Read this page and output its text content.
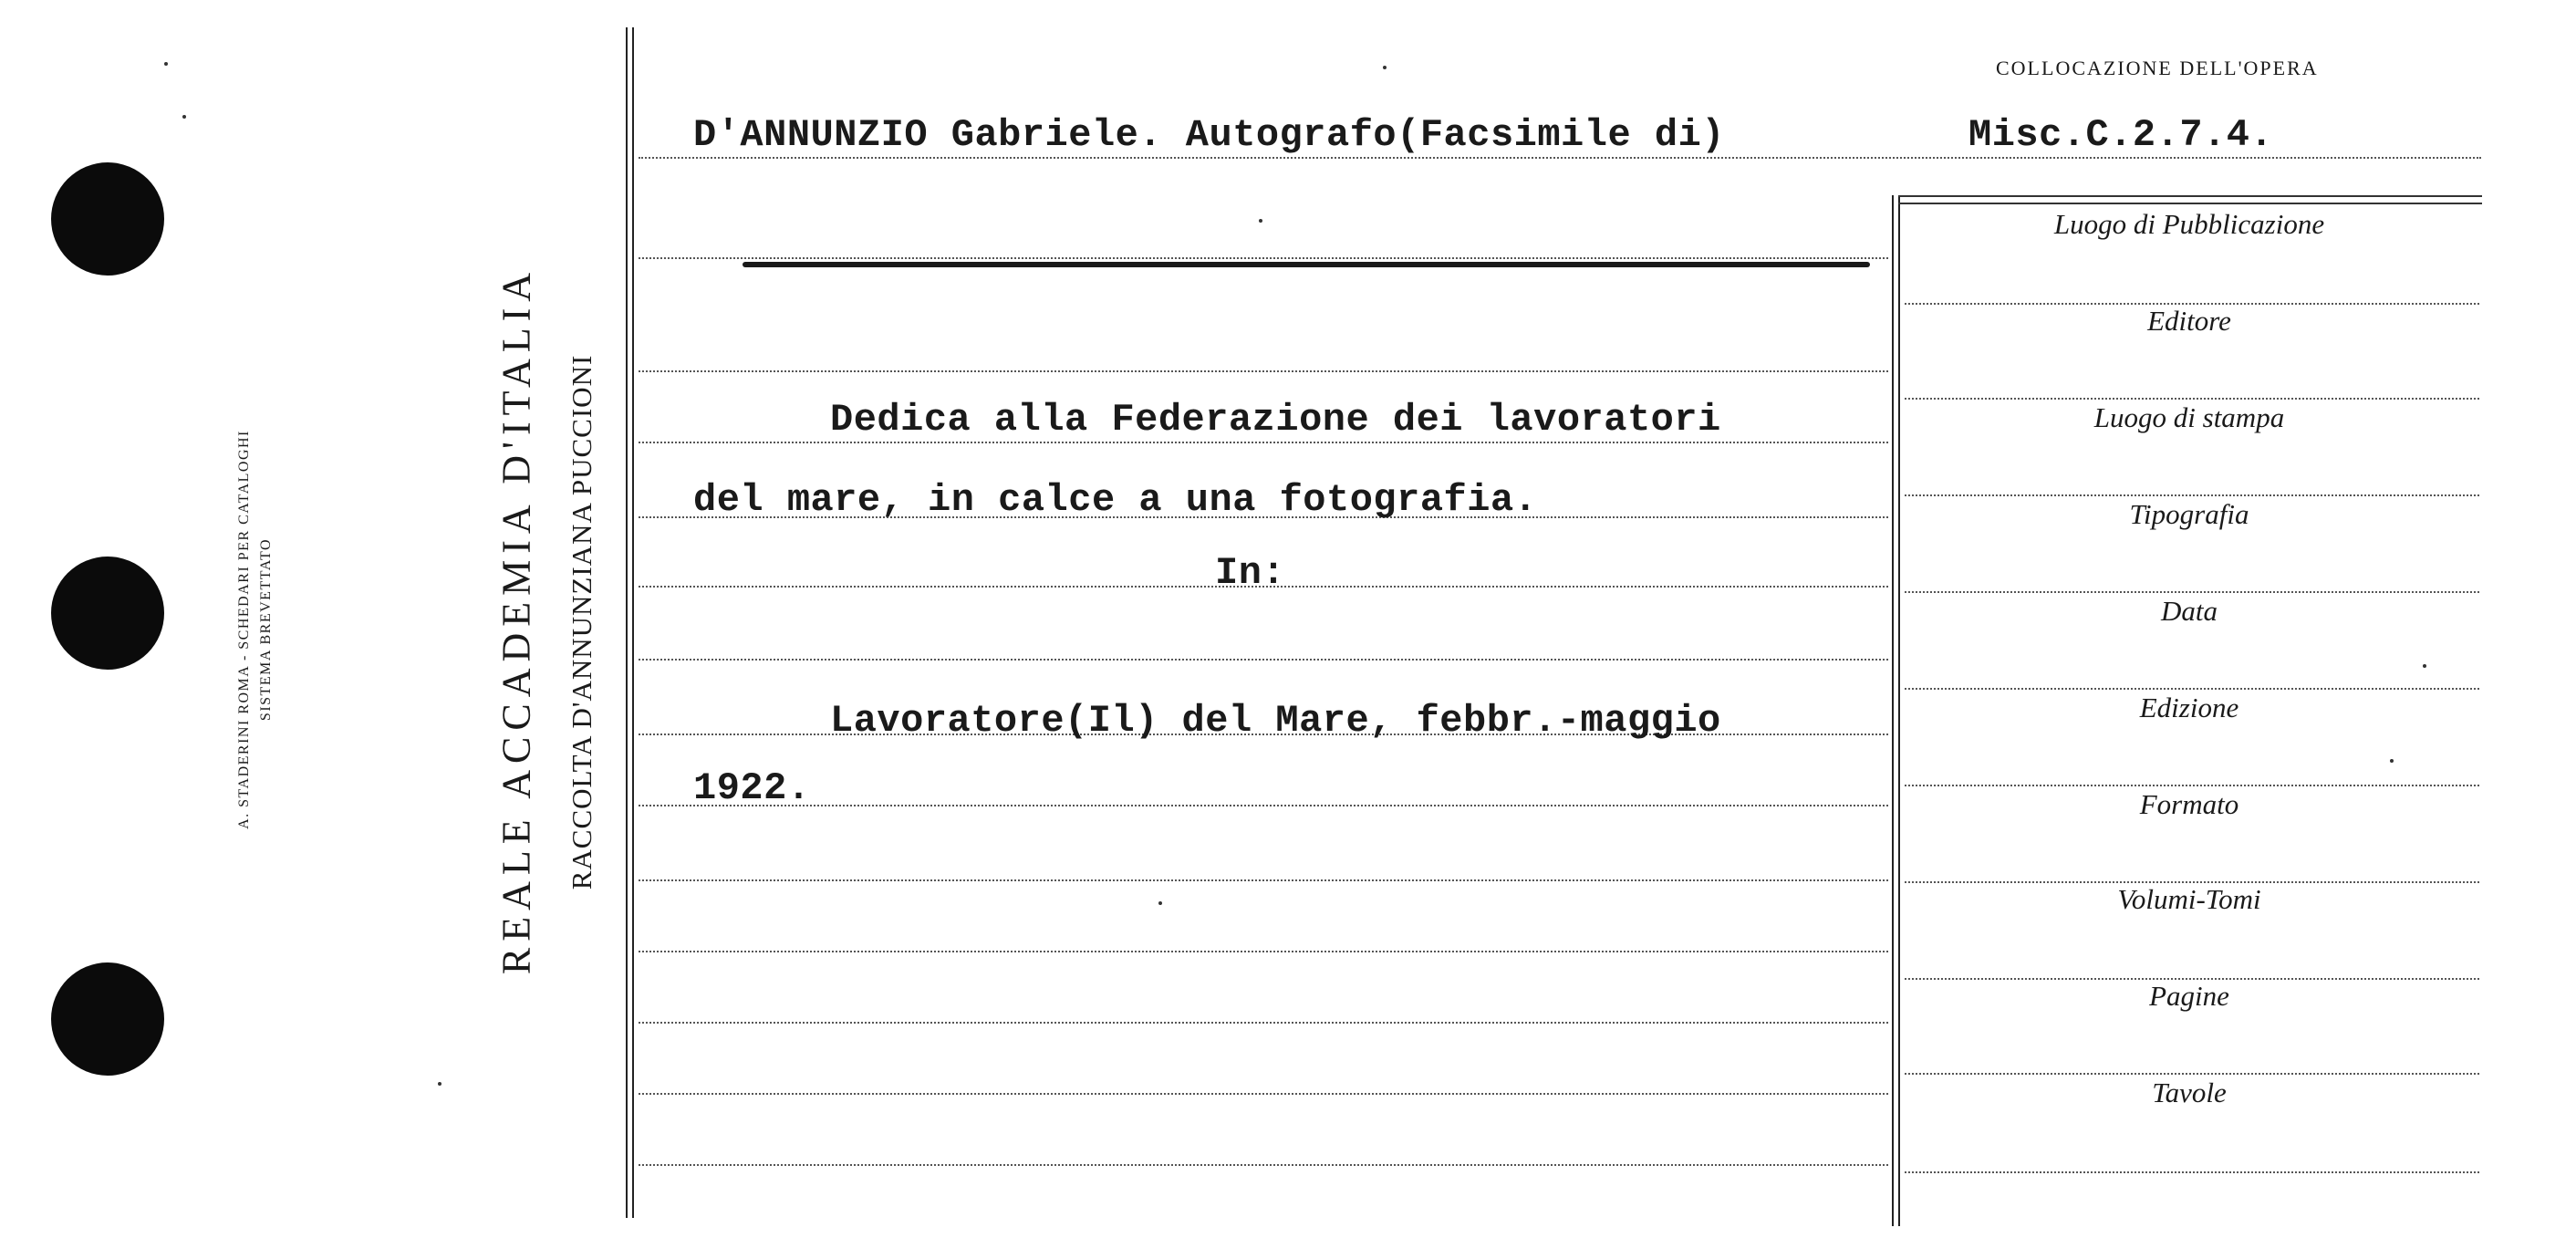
A. STADERINI ROMA - SCHEDARI PER CATALOGHI SISTEMA BREVETTATO	REALE ACCADEMIA D'ITALIA RACCOLTA D'ANNUNZIANA PUCCIONI
COLLOCAZIONE DELL'OPERA
D'ANNUNZIO Gabriele. Autografo(Facsimile di)	Misc.C.2.7.4.
Dedica alla Federazione dei lavoratori
del mare, in calce a una fotografia.
In:
Lavoratore(Il) del Mare, febbr.-maggio
1922.
Luogo di Pubblicazione
Editore
Luogo di stampa
Tipografia
Data
Edizione
Formato
Volumi-Tomi
Pagine
Tavole
